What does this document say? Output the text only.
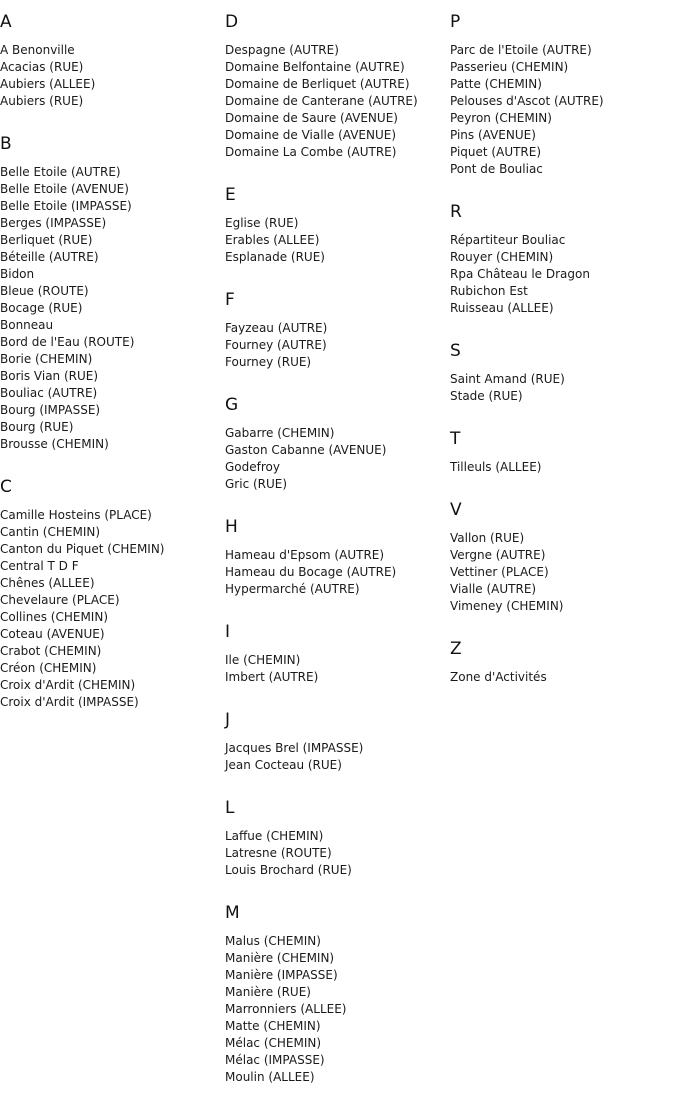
A
A Benonville
Acacias (RUE)
Aubiers (ALLEE)
Aubiers (RUE)
B
Belle Etoile (AUTRE)
Belle Etoile (AVENUE)
Belle Etoile (IMPASSE)
Berges (IMPASSE)
Berliquet (RUE)
Béteille (AUTRE)
Bidon
Bleue (ROUTE)
Bocage (RUE)
Bonneau
Bord de l'Eau (ROUTE)
Borie (CHEMIN)
Boris Vian (RUE)
Bouliac (AUTRE)
Bourg (IMPASSE)
Bourg (RUE)
Brousse (CHEMIN)
C
Camille Hosteins (PLACE)
Cantin (CHEMIN)
Canton du Piquet (CHEMIN)
Central T D F
Chênes (ALLEE)
Chevelaure (PLACE)
Collines (CHEMIN)
Coteau (AVENUE)
Crabot (CHEMIN)
Créon (CHEMIN)
Croix d'Ardit (CHEMIN)
Croix d'Ardit (IMPASSE)
D
Despagne (AUTRE)
Domaine Belfontaine (AUTRE)
Domaine de Berliquet (AUTRE)
Domaine de Canterane (AUTRE)
Domaine de Saure (AVENUE)
Domaine de Vialle (AVENUE)
Domaine La Combe (AUTRE)
E
Eglise (RUE)
Erables (ALLEE)
Esplanade (RUE)
F
Fayzeau (AUTRE)
Fourney (AUTRE)
Fourney (RUE)
G
Gabarre (CHEMIN)
Gaston Cabanne (AVENUE)
Godefroy
Gric (RUE)
H
Hameau d'Epsom (AUTRE)
Hameau du Bocage (AUTRE)
Hypermarché (AUTRE)
I
Ile (CHEMIN)
Imbert (AUTRE)
J
Jacques Brel (IMPASSE)
Jean Cocteau (RUE)
L
Laffue (CHEMIN)
Latresne (ROUTE)
Louis Brochard (RUE)
M
Malus (CHEMIN)
Manière (CHEMIN)
Manière (IMPASSE)
Manière (RUE)
Marronniers (ALLEE)
Matte (CHEMIN)
Mélac (CHEMIN)
Mélac (IMPASSE)
Moulin (ALLEE)
P
Parc de l'Etoile (AUTRE)
Passerieu (CHEMIN)
Patte (CHEMIN)
Pelouses d'Ascot (AUTRE)
Peyron (CHEMIN)
Pins (AVENUE)
Piquet (AUTRE)
Pont de Bouliac
R
Répartiteur Bouliac
Rouyer (CHEMIN)
Rpa Château le Dragon
Rubichon Est
Ruisseau (ALLEE)
S
Saint Amand (RUE)
Stade (RUE)
T
Tilleuls (ALLEE)
V
Vallon (RUE)
Vergne (AUTRE)
Vettiner (PLACE)
Vialle (AUTRE)
Vimeney (CHEMIN)
Z
Zone d'Activités
